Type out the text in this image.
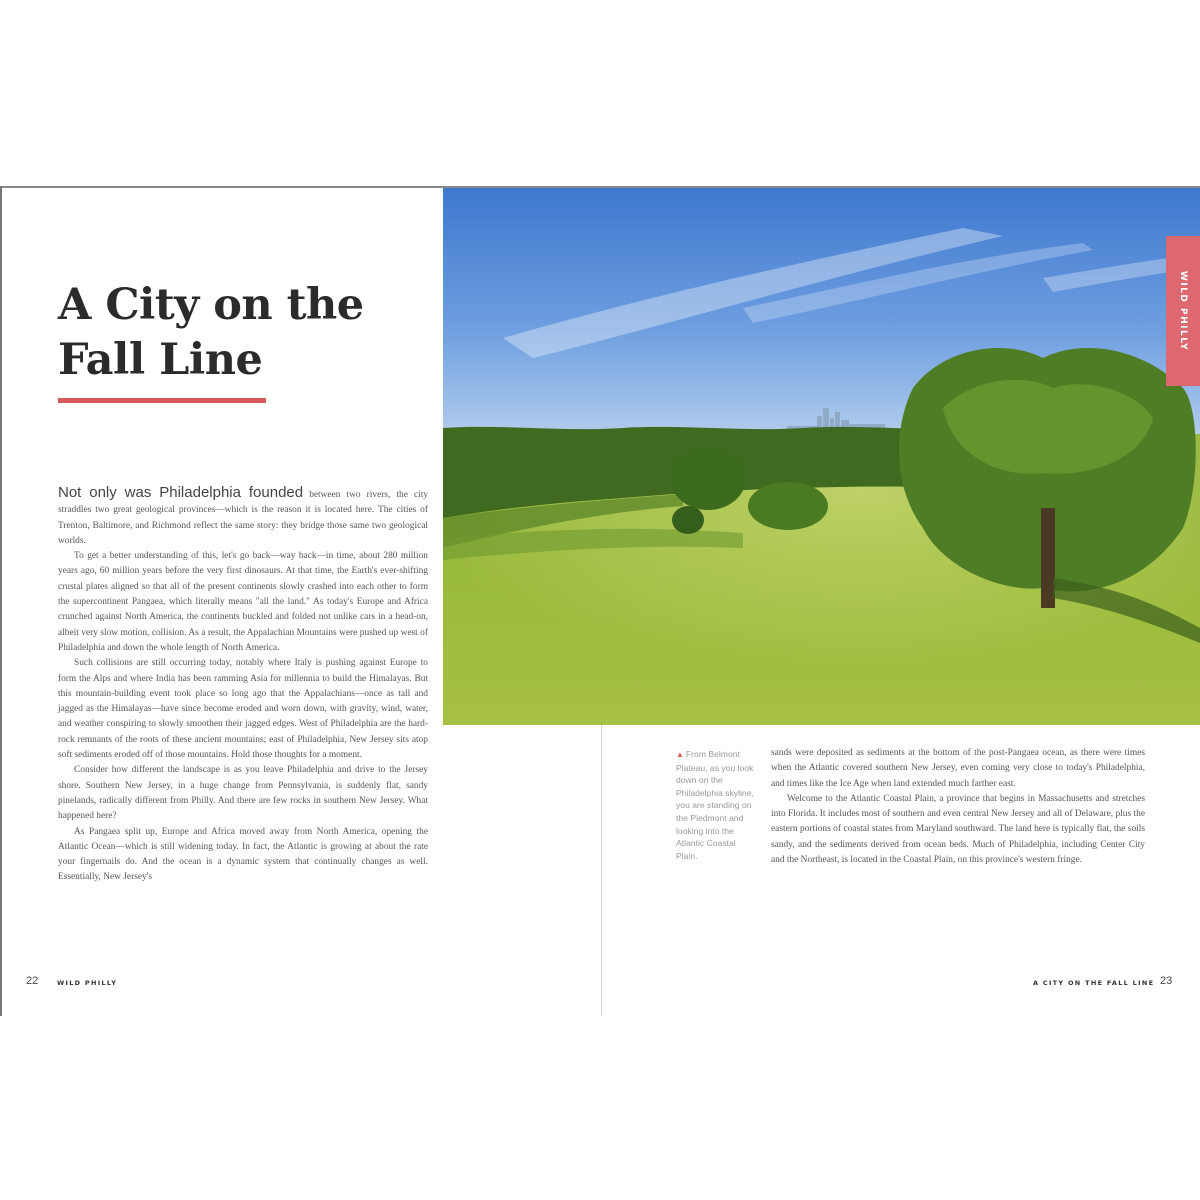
A City on the
Fall Line

Not only was Philadelphia founded between two rivers, the city straddles two great geological provinces—which is the reason it is located here. The cities of Trenton, Baltimore, and Richmond reflect the same story: they bridge those same two geological worlds.

To get a better understanding of this, let's go back—way back—in time, about 280 million years ago, 60 million years before the very first dinosaurs. At that time, the Earth's ever-shifting crustal plates aligned so that all of the present continents slowly crashed into each other to form the supercontinent Pangaea, which literally means "all the land." As today's Europe and Africa crunched against North America, the continents buckled and folded not unlike cars in a head-on, albeit very slow motion, collision. As a result, the Appalachian Mountains were pushed up west of Philadelphia and down the whole length of North America.

Such collisions are still occurring today, notably where Italy is pushing against Europe to form the Alps and where India has been ramming Asia for millennia to build the Himalayas. But this mountain-building event took place so long ago that the Appalachians—once as tall and jagged as the Himalayas—have since become eroded and worn down, with gravity, wind, water, and weather conspiring to slowly smoothen their jagged edges. West of Philadelphia are the hard-rock remnants of the roots of these ancient mountains; east of Philadelphia, New Jersey sits atop soft sediments eroded off of those mountains. Hold those thoughts for a moment.

Consider how different the landscape is as you leave Philadelphia and drive to the Jersey shore. Southern New Jersey, in a huge change from Pennsylvania, is suddenly flat, sandy pinelands, radically different from Philly. And there are few rocks in southern New Jersey. What happened here?

As Pangaea split up, Europe and Africa moved away from North America, opening the Atlantic Ocean—which is still widening today. In fact, the Atlantic is growing at about the rate your fingernails do. And the ocean is a dynamic system that continually changes as well. Essentially, New Jersey's

▲ From Belmont Plateau, as you look down on the Philadelphia skyline, you are standing on the Piedmont and looking into the Atlantic Coastal Plain.

sands were deposited as sediments at the bottom of the post-Pangaea ocean, as there were times when the Atlantic covered southern New Jersey, even coming very close to today's Philadelphia, and times like the Ice Age when land extended much farther east.

Welcome to the Atlantic Coastal Plain, a province that begins in Massachusetts and stretches into Florida. It includes most of southern and even central New Jersey and all of Delaware, plus the eastern portions of coastal states from Maryland southward. The land here is typically flat, the soils sandy, and the sediments derived from ocean beds. Much of Philadelphia, including Center City and the Northeast, is located in the Coastal Plain, on this province's western fringe.

WILD PHILLY
22	WILD PHILLY	A CITY ON THE FALL LINE 23
